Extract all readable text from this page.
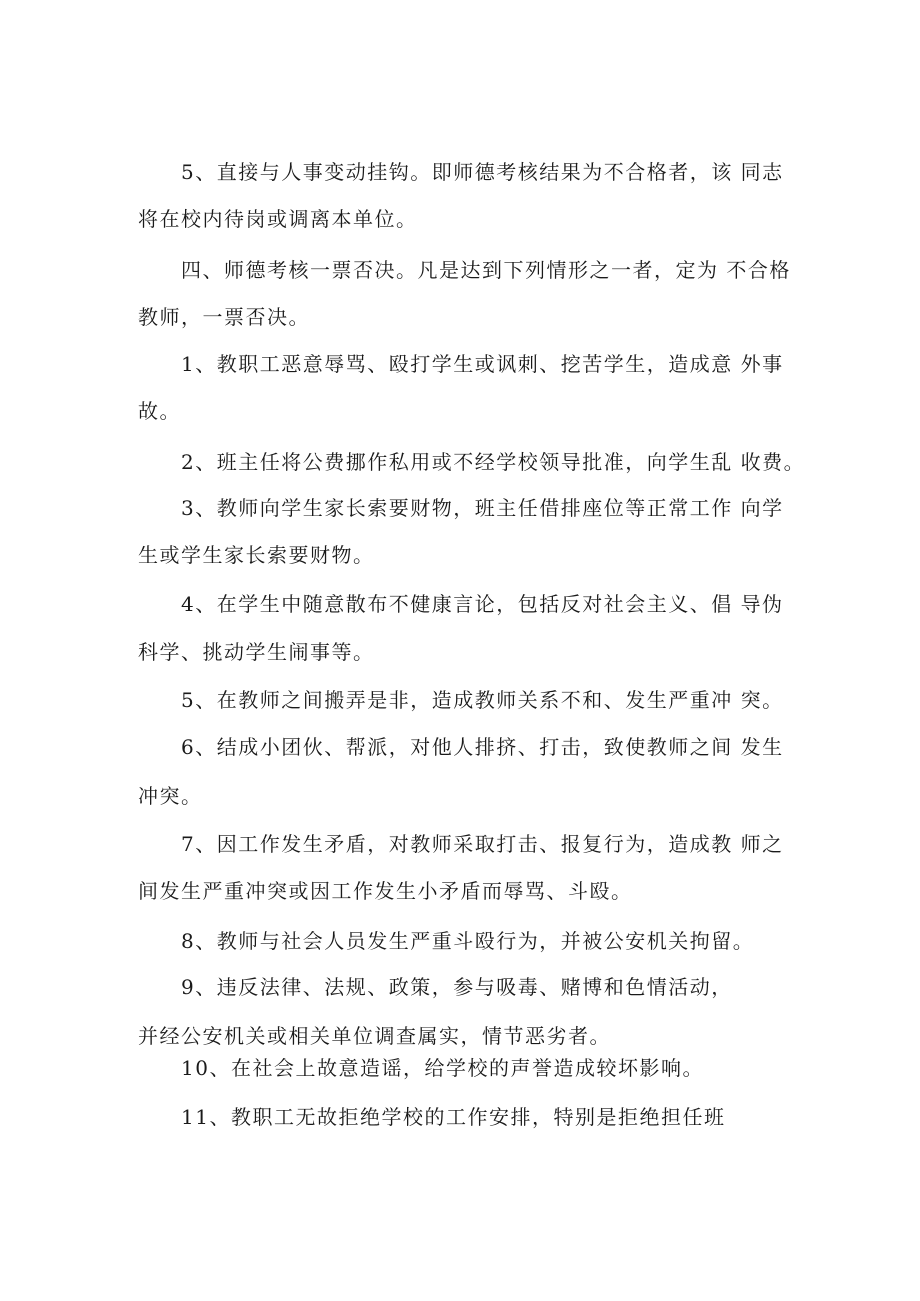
5、直接与人事变动挂钩。即师德考核结果为不合格者，该 同志
将在校内待岗或调离本单位。
四、师德考核一票否决。凡是达到下列情形之一者，定为 不合格
教师，一票否决。
1、教职工恶意辱骂、殴打学生或讽刺、挖苦学生，造成意 外事
故。
2、班主任将公费挪作私用或不经学校领导批准，向学生乱 收费。
3、教师向学生家长索要财物，班主任借排座位等正常工作 向学
生或学生家长索要财物。
4、在学生中随意散布不健康言论，包括反对社会主义、倡 导伪
科学、挑动学生闹事等。
5、在教师之间搬弄是非，造成教师关系不和、发生严重冲 突。
6、结成小团伙、帮派，对他人排挤、打击，致使教师之间 发生
冲突。
7、因工作发生矛盾，对教师采取打击、报复行为，造成教 师之
间发生严重冲突或因工作发生小矛盾而辱骂、斗殴。
8、教师与社会人员发生严重斗殴行为，并被公安机关拘留。
9、违反法律、法规、政策，参与吸毒、赌博和色情活动，
并经公安机关或相关单位调查属实，情节恶劣者。
10、在社会上故意造谣，给学校的声誉造成较坏影响。
11、教职工无故拒绝学校的工作安排，特别是拒绝担任班
